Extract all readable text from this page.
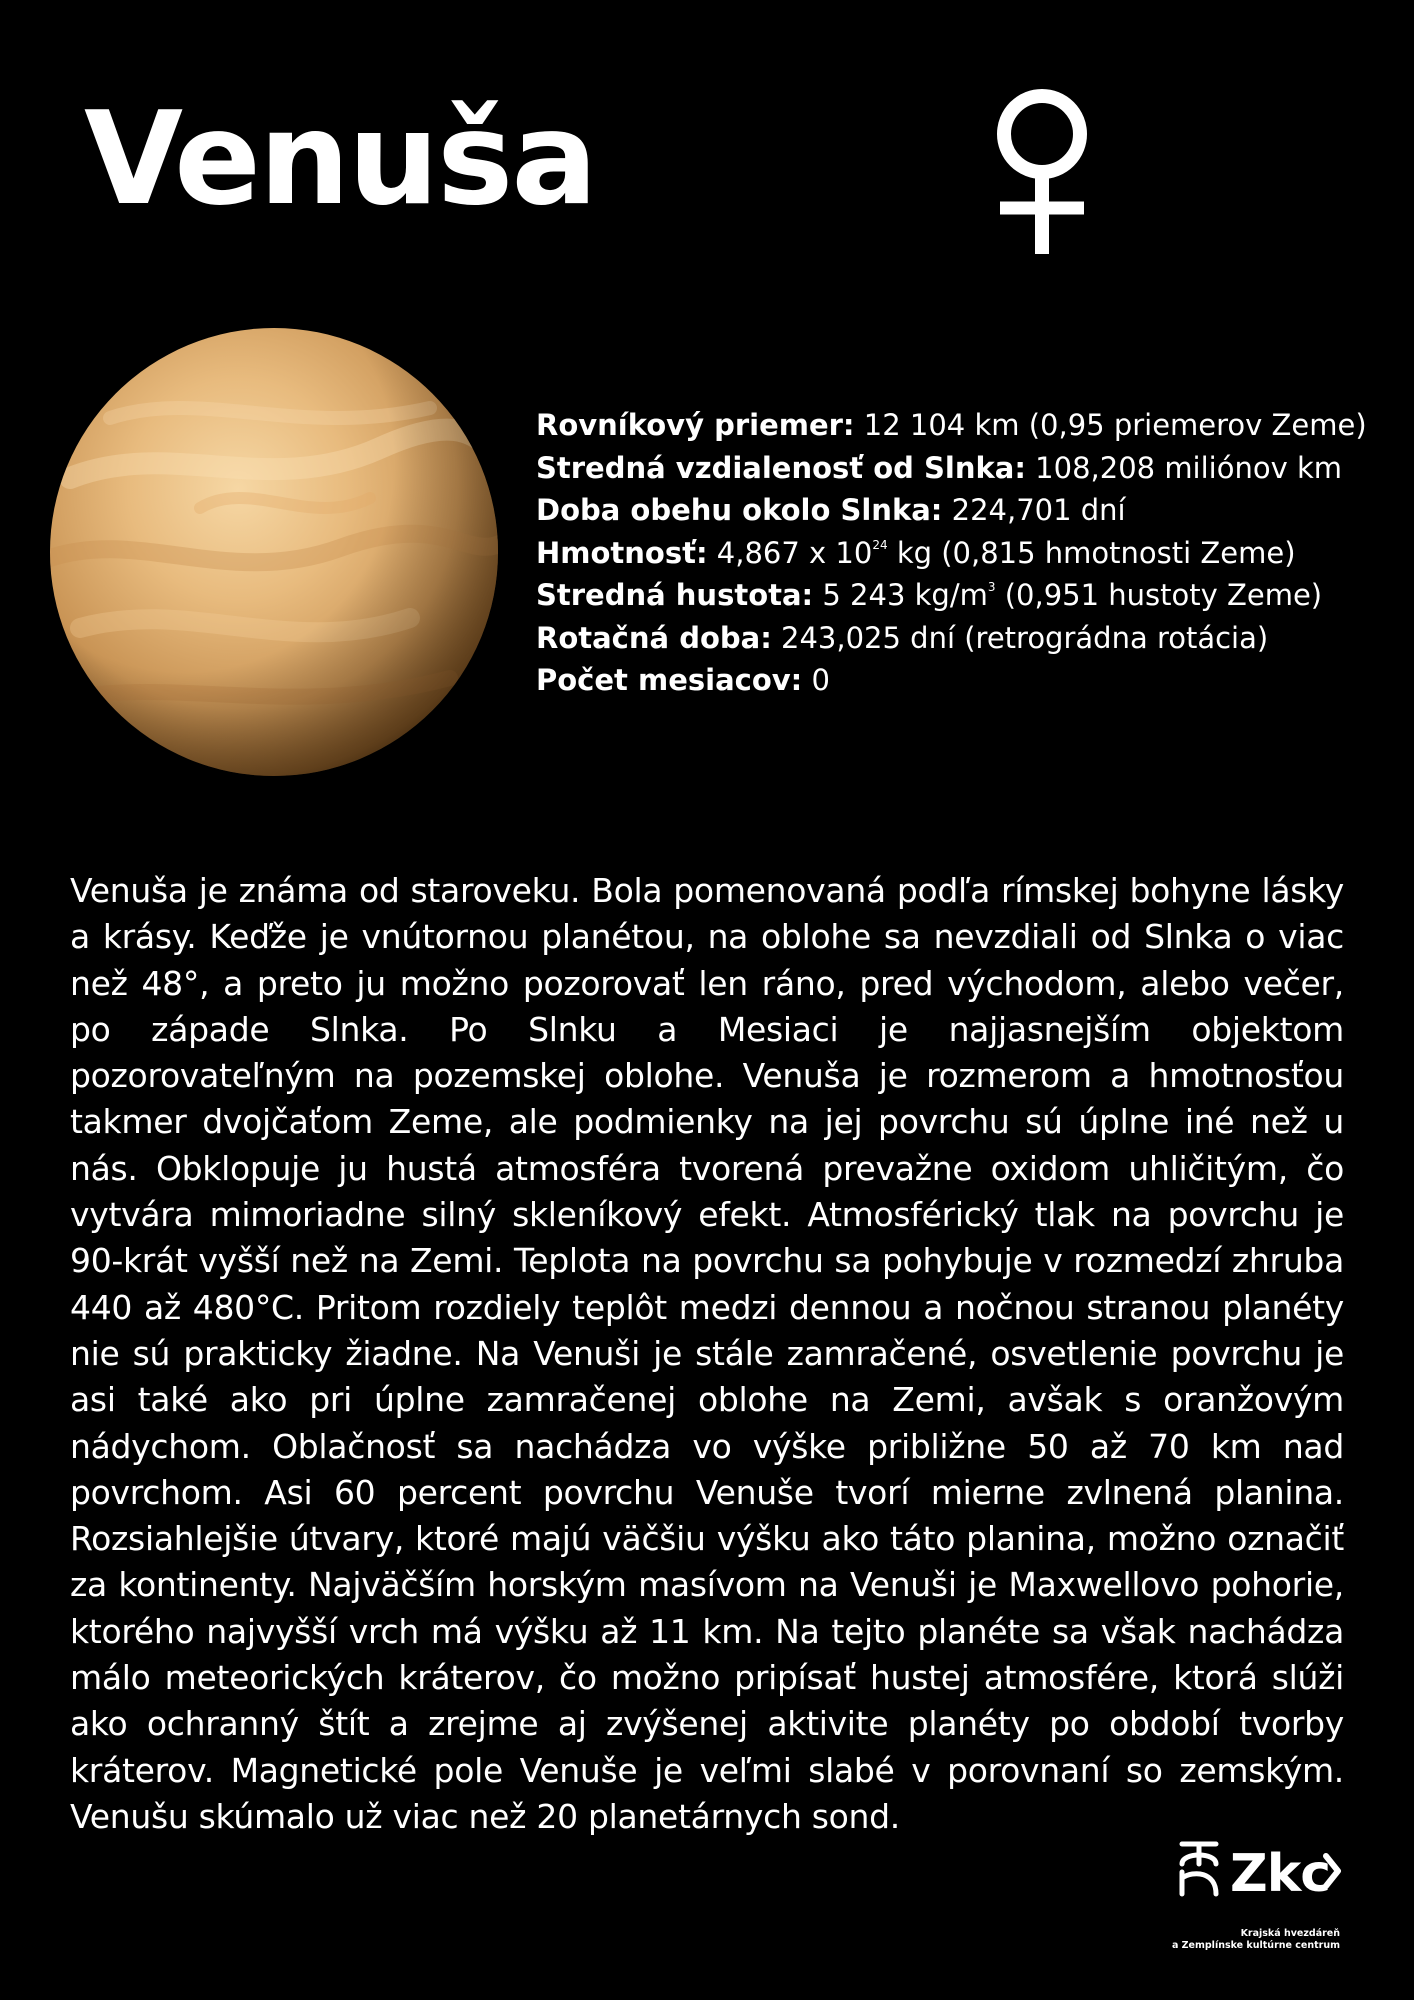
Venuša
Rovníkový priemer: 12 104 km (0,95 priemerov Zeme)
Stredná vzdialenosť od Slnka: 108,208 miliónov km
Doba obehu okolo Slnka: 224,701 dní
Hmotnosť: 4,867 x $10^{24}$ kg (0,815 hmotnosti Zeme)
Stredná hustota: 5 243 $kg/m^3$ (0,951 hustoty Zeme)
Rotačná doba: 243,025 dní (retrográdna rotácia)
Počet mesiacov: 0

Venuša je známa od staroveku. Bola pomenovaná podľa rímskej bohyne lásky a krásy. Keďže je vnútornou planétou, na oblohe sa nevzdiali od Slnka o viac než 48°, a preto ju možno pozorovať len ráno, pred východom, alebo večer, po západe Slnka. Po Slnku a Mesiaci je najjasnejším objektom pozorovateľným na pozemskej oblohe. Venuša je rozmerom a hmotnosťou takmer dvojčaťom Zeme, ale podmienky na jej povrchu sú úplne iné než u nás. Obklopuje ju hustá atmosféra tvorená prevažne oxidom uhličitým, čo vytvára mimoriadne silný skleníkový efekt. Atmosférický tlak na povrchu je 90-krát vyšší než na Zemi. Teplota na povrchu sa pohybuje v rozmedzí zhruba 440 až 480°C. Pritom rozdiely teplôt medzi dennou a nočnou stranou planéty nie sú prakticky žiadne. Na Venuši je stále zamračené, osvetlenie povrchu je asi také ako pri úplne zamračenej oblohe na Zemi, avšak s oranžovým nádychom. Oblačnosť sa nachádza vo výške približne 50 až 70 km nad povrchom. Asi 60 percent povrchu Venuše tvorí mierne zvlnená planina. Rozsiahlejšie útvary, ktoré majú väčšiu výšku ako táto planina, možno označiť za kontinenty. Najväčším horským masívom na Venuši je Maxwellovo pohorie, ktorého najvyšší vrch má výšku až 11 km. Na tejto planéte sa však nachádza málo meteorických kráterov, čo možno pripísať hustej atmosfére, ktorá slúži ako ochranný štít a zrejme aj zvýšenej aktivite planéty po období tvorby kráterov. Magnetické pole Venuše je veľmi slabé v porovnaní so zemským. Venušu skúmalo už viac než 20 planetárnych sond.

Zkc
Krajská hvezdáreň
a Zemplínske kultúrne centrum
